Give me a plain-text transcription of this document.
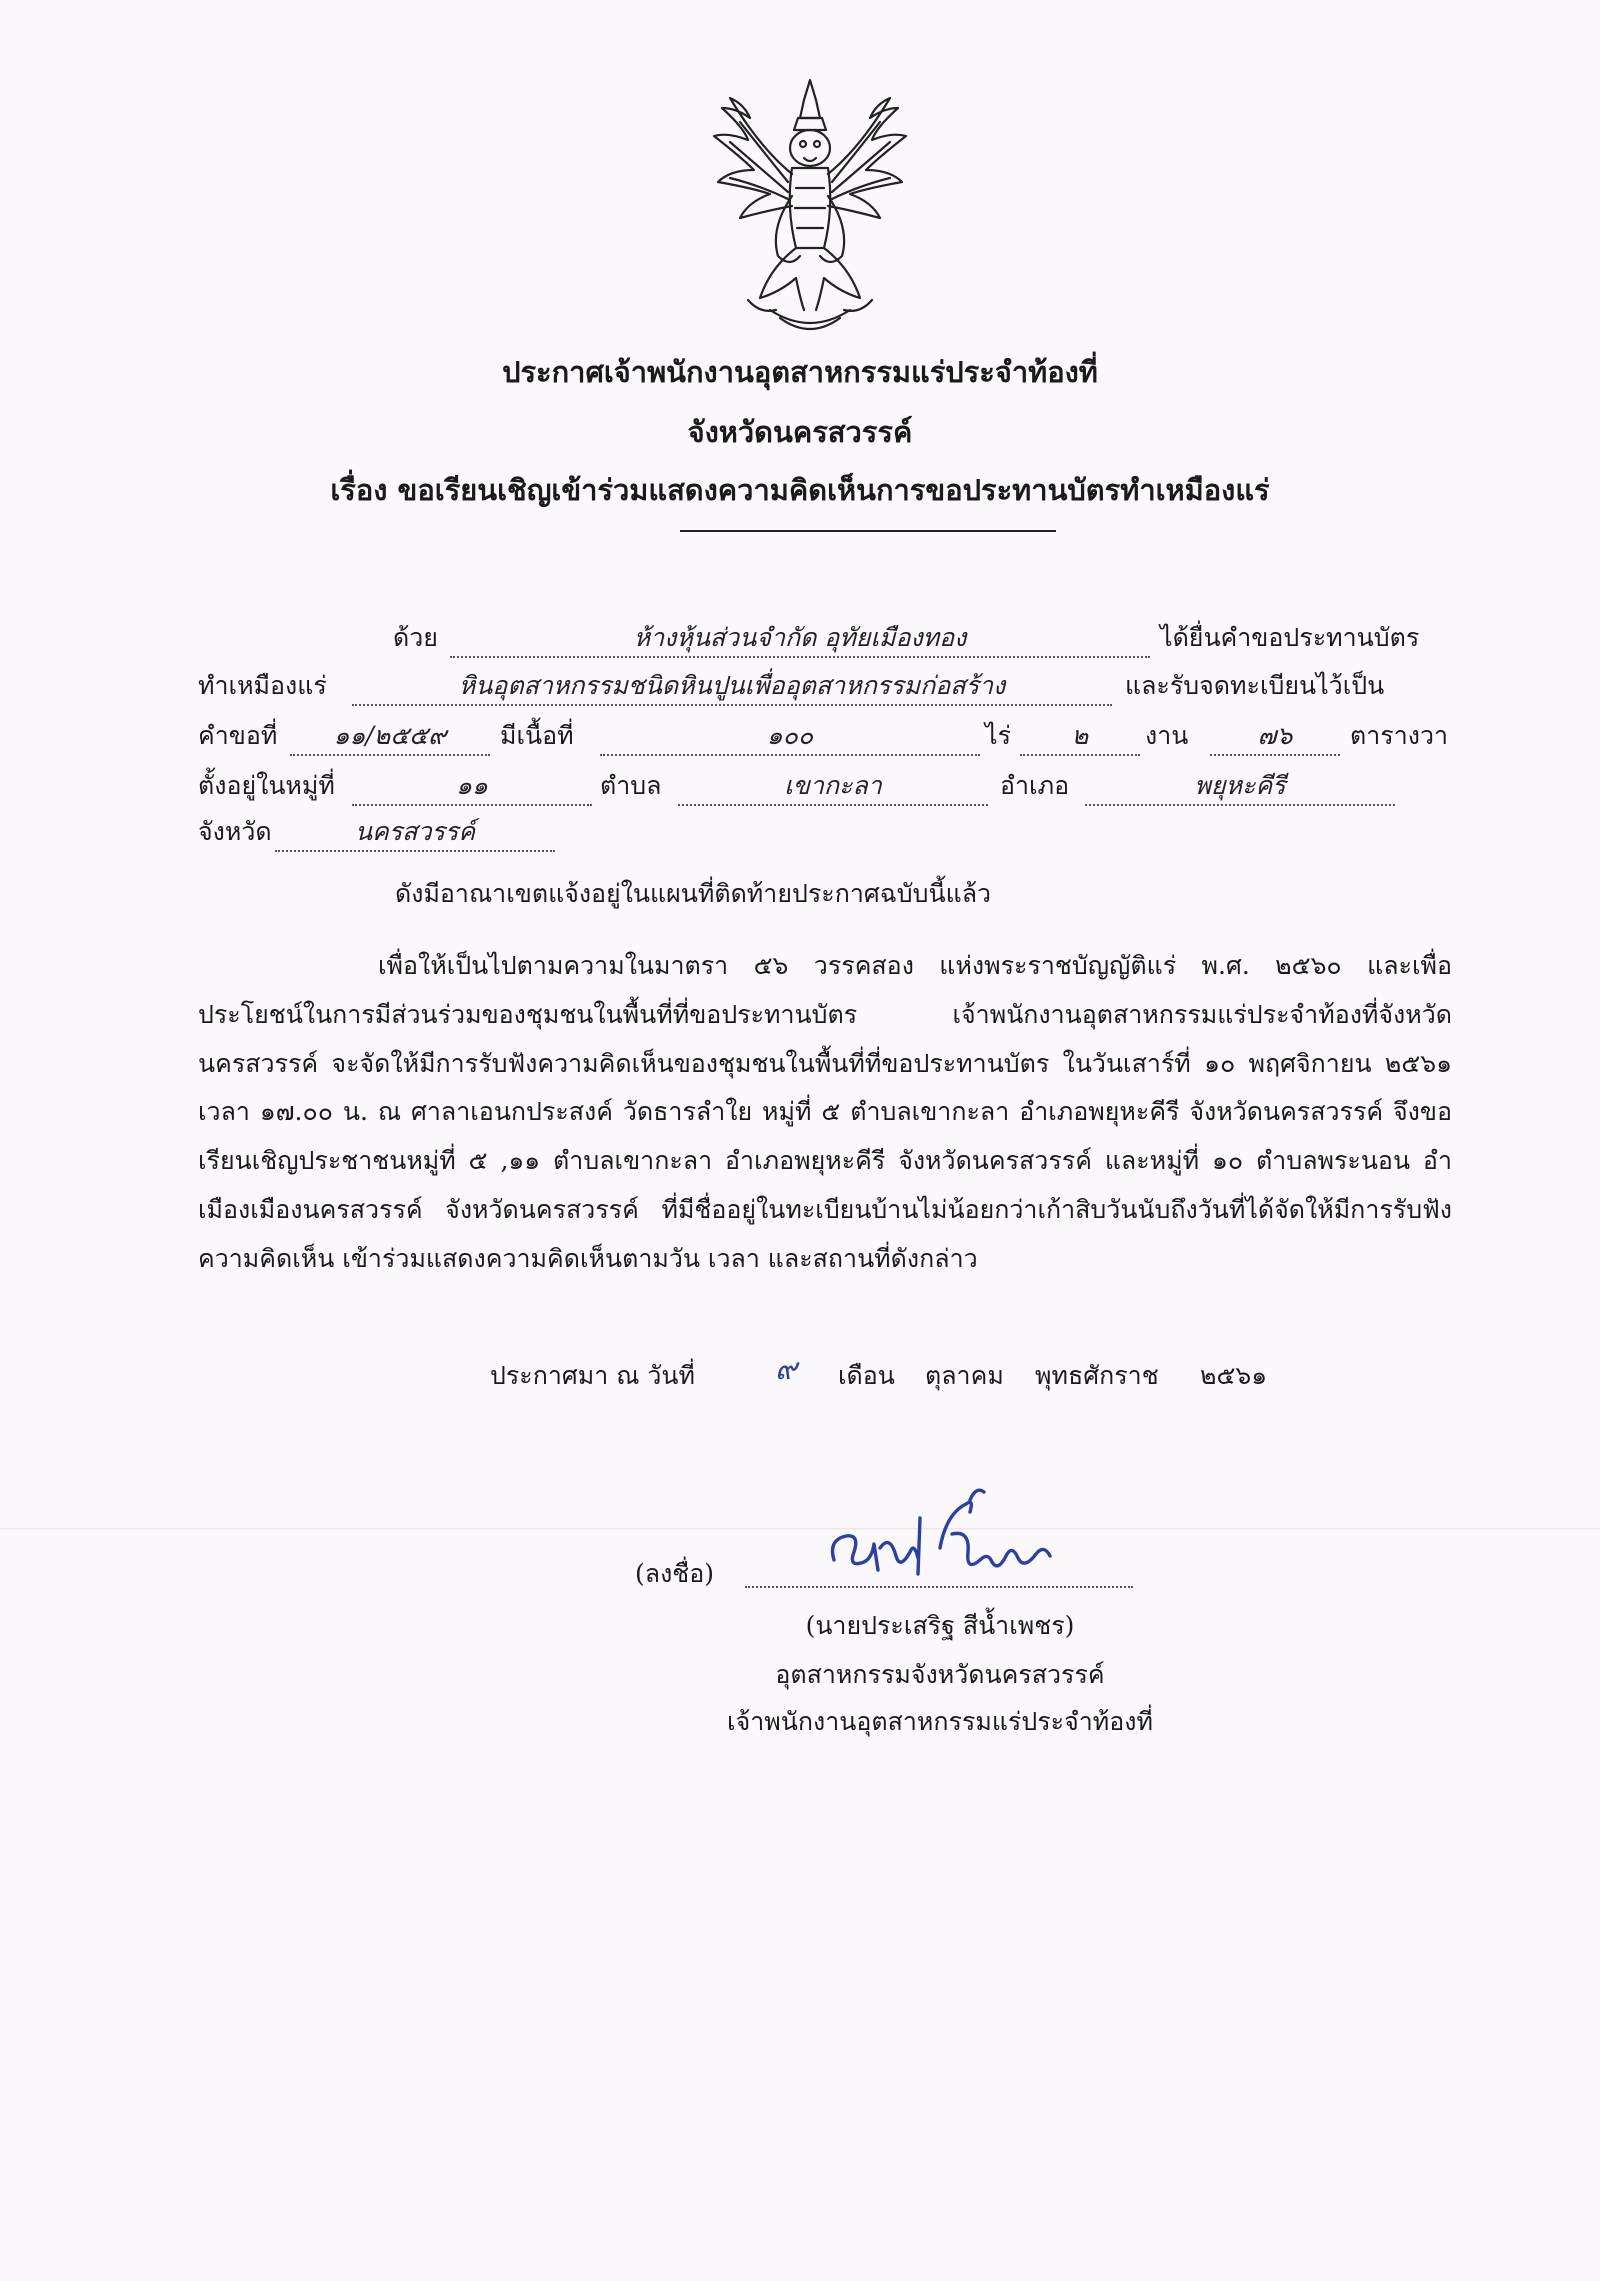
ประกาศเจ้าพนักงานอุตสาหกรรมแร่ประจำท้องที่
จังหวัดนครสวรรค์
เรื่อง ขอเรียนเชิญเข้าร่วมแสดงความคิดเห็นการขอประทานบัตรทำเหมืองแร่
ด้วย	ห้างหุ้นส่วนจำกัด อุทัยเมืองทอง	ได้ยื่นคำขอประทานบัตร
ทำเหมืองแร่	หินอุตสาหกรรมชนิดหินปูนเพื่ออุตสาหกรรมก่อสร้าง	และรับจดทะเบียนไว้เป็น
คำขอที่	๑๑/๒๕๕๙	มีเนื้อที่	๑๐๐	ไร่	๒	งาน	๗๖	ตารางวา
ตั้งอยู่ในหมู่ที่	๑๑	ตำบล	เขากะลา	อำเภอ	พยุหะคีรี
จังหวัด	นครสวรรค์
ดังมีอาณาเขตแจ้งอยู่ในแผนที่ติดท้ายประกาศฉบับนี้แล้ว
เพื่อให้เป็นไปตามความในมาตรา ๕๖ วรรคสอง แห่งพระราชบัญญัติแร่ พ.ศ. ๒๕๖๐ และเพื่อประโยชน์ในการมีส่วนร่วมของชุมชนในพื้นที่ที่ขอประทานบัตร เจ้าพนักงานอุตสาหกรรมแร่ประจำท้องที่จังหวัดนครสวรรค์ จะจัดให้มีการรับฟังความคิดเห็นของชุมชนในพื้นที่ที่ขอประทานบัตร ในวันเสาร์ที่ ๑๐ พฤศจิกายน ๒๕๖๑ เวลา ๑๗.๐๐ น. ณ ศาลาเอนกประสงค์ วัดธารลำใย หมู่ที่ ๕ ตำบลเขากะลา อำเภอพยุหะคีรี จังหวัดนครสวรรค์ จึงขอเรียนเชิญประชาชนหมู่ที่ ๕ ,๑๑ ตำบลเขากะลา อำเภอพยุหะคีรี จังหวัดนครสวรรค์ และหมู่ที่ ๑๐ ตำบลพระนอน อำเมืองเมืองนครสวรรค์ จังหวัดนครสวรรค์ ที่มีชื่ออยู่ในทะเบียนบ้านไม่น้อยกว่าเก้าสิบวันนับถึงวันที่ได้จัดให้มีการรับฟังความคิดเห็น เข้าร่วมแสดงความคิดเห็นตามวัน เวลา และสถานที่ดังกล่าว
ประกาศมา ณ วันที่	๙ เดือน ตุลาคม พุทธศักราช ๒๕๖๑
(ลงชื่อ)
(นายประเสริฐ สีน้ำเพชร)
อุตสาหกรรมจังหวัดนครสวรรค์
เจ้าพนักงานอุตสาหกรรมแร่ประจำท้องที่
